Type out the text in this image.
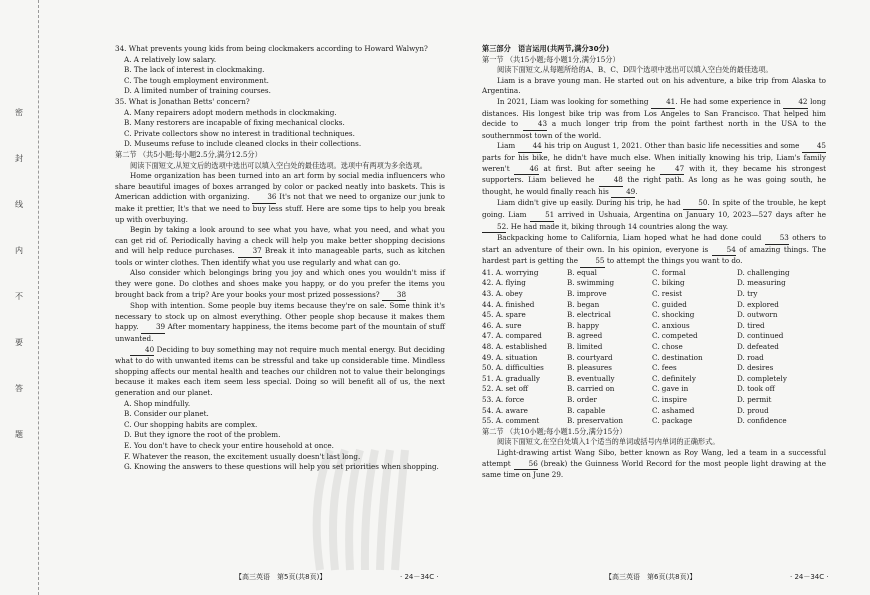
密
封
线
内
不
要
答
题
34. What prevents young kids from being clockmakers according to Howard Walwyn?
A. A relatively low salary.
B. The lack of interest in clockmaking.
C. The tough employment environment.
D. A limited number of training courses.
35. What is Jonathan Betts' concern?
A. Many repairers adopt modern methods in clockmaking.
B. Many restorers are incapable of fixing mechanical clocks.
C. Private collectors show no interest in traditional techniques.
D. Museums refuse to include cleaned clocks in their collections.
第二节 （共5小题;每小题2.5分,满分12.5分）

阅读下面短文,从短文后的选项中选出可以填入空白处的最佳选项。选项中有两项为多余选项。

Home organization has been turned into an art form by social media influencers who share beautiful images of boxes arranged by color or packed neatly into baskets. This is American addiction with organizing. 36 It's not that we need to organize our junk to make it prettier, It's that we need to buy less stuff. Here are some tips to help you break up with overbuying.

Begin by taking a look around to see what you have, what you need, and what you can get rid of. Periodically having a check will help you make better shopping decisions and will help reduce purchases.	37 Break it into manageable parts, such as kitchen tools or winter clothes. Then identify what you use regularly and what can go.

Also consider which belongings bring you joy and which ones you wouldn't miss if they were gone. Do clothes and shoes make you happy, or do you prefer the items you brought back from a trip? Are your books your most prized possessions? 38

Shop with intention. Some people buy items because they're on sale. Some think it's necessary to stock up on almost everything. Other people shop because it makes them happy. 39 After momentary happiness, the items become part of the mountain of stuff unwanted.

40 Deciding to buy something may not require much mental energy. But deciding what to do with unwanted items can be stressful and take up considerable time. Mindless shopping affects our mental health and teaches our children not to value their belongings because it makes each item seem less special. Doing so will benefit all of us, the next generation and our planet.

A. Shop mindfully.
B. Consider our planet.
C. Our shopping habits are complex.
D. But they ignore the root of the problem.
E. You don't have to check your entire household at once.
F. Whatever the reason, the excitement usually doesn't last long.
G. Knowing the answers to these questions will help you set priorities when shopping.
第三部分　语言运用(共两节,满分30分)
第一节 （共15小题;每小题1分,满分15分）

阅读下面短文,从每题所给的A、B、C、D四个选项中选出可以填入空白处的最佳选项。

Liam is a brave young man. He started out on his adventure, a bike trip from Alaska to Argentina.

In 2021, Liam was looking for something 41. He had some experience in 42 long distances. His longest bike trip was from Los Angeles to San Francisco. That helped him decide to	43 a much longer trip from the point farthest north in the USA to the southernmost town of the world.

Liam 44 his trip on August 1, 2021. Other than basic life necessities and some 45 parts for his bike, he didn't have much else. When initially knowing his trip, Liam's family weren't	46 at first. But after seeing he	47 with it, they became his strongest supporters. Liam believed he	48 the right path. As long as he was going south, he thought, he would finally reach his 49.

Liam didn't give up easily. During his trip, he had 50. In spite of the trouble, he kept going. Liam	51 arrived in Ushuaia, Argentina on January 10, 2023—527 days after he 52. He had made it, biking through 14 countries along the way.

Backpacking home to California, Liam hoped what he had done could	53 others to start an adventure of their own. In his opinion, everyone is	54 of amazing things. The hardest part is getting the 55 to attempt the things you want to do.

41. A. worrying	B. equal	C. formal	D. challenging
42. A. flying	B. swimming	C. biking	D. measuring
43. A. obey	B. improve	C. resist	D. try
44. A. finished	B. began	C. guided	D. explored
45. A. spare	B. electrical	C. shocking	D. outworn
46. A. sure	B. happy	C. anxious	D. tired
47. A. compared	B. agreed	C. competed	D. continued
48. A. established	B. limited	C. chose	D. defeated
49. A. situation	B. courtyard	C. destination	D. road
50. A. difficulties	B. pleasures	C. fees	D. desires
51. A. gradually	B. eventually	C. definitely	D. completely
52. A. set off	B. carried on	C. gave in	D. took off
53. A. force	B. order	C. inspire	D. permit
54. A. aware	B. capable	C. ashamed	D. proud
55. A. comment	B. preservation	C. package	D. confidence
第二节 （共10小题;每小题1.5分,满分15分）

阅读下面短文,在空白处填入1个适当的单词或括号内单词的正确形式。

Light-drawing artist Wang Sibo, better known as Roy Wang, led a team in a successful attempt	56 (break) the Guinness World Record for the most people light drawing at the same time on June 29.

【高三英语　第5页(共8页)】	· 24－34C ·	【高三英语　第6页(共8页)】	· 24－34C ·
